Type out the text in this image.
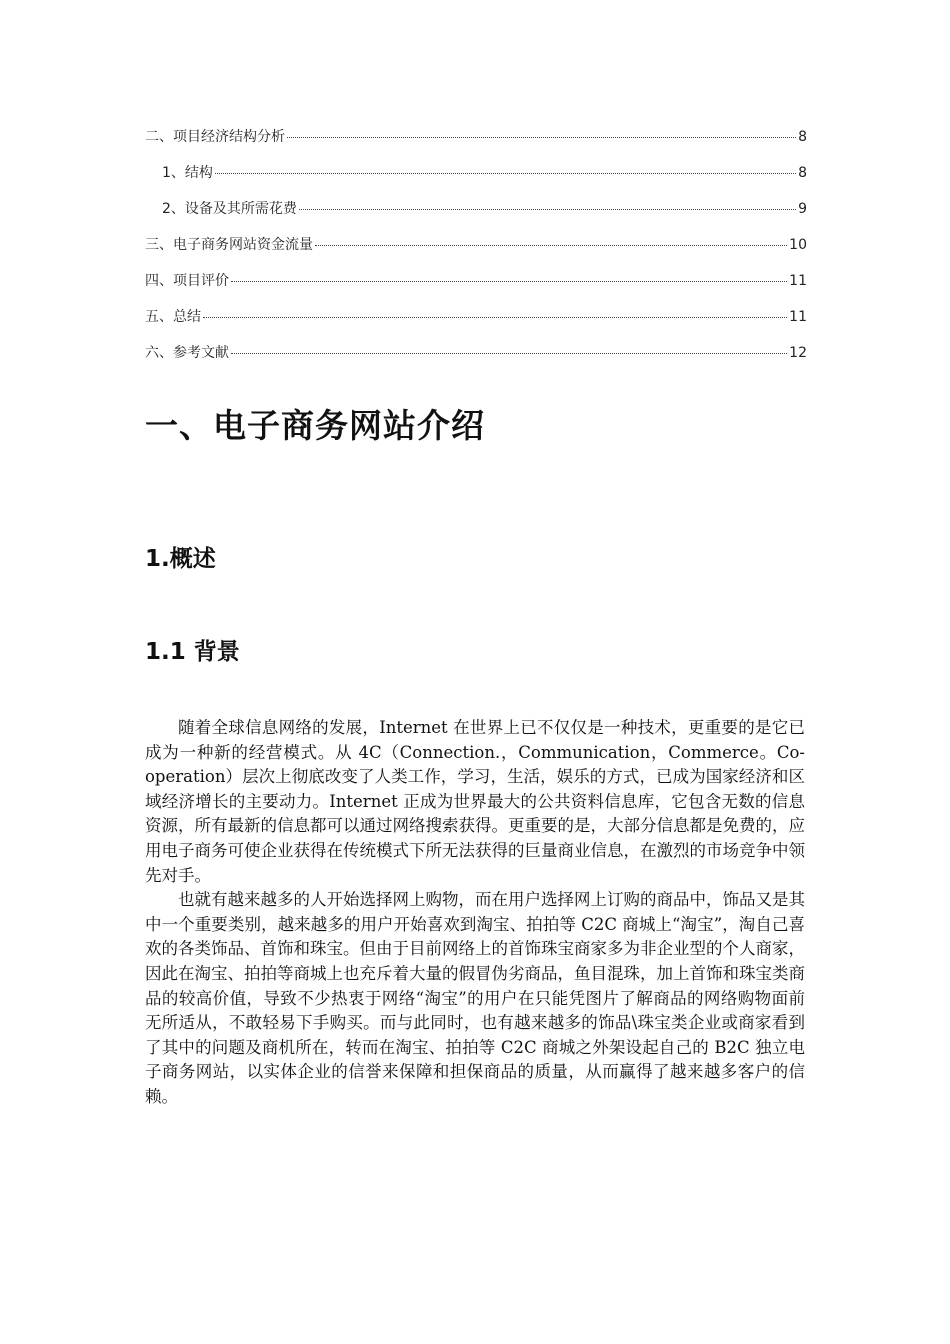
二、项目经济结构分析	8
1、结构	8
2、设备及其所需花费	9
三、电子商务网站资金流量	10
四、项目评价	11
五、总结	11
六、参考文献	12
一、电子商务网站介绍
1.概述
1.1 背景

随着全球信息网络的发展，Internet 在世界上已不仅仅是一种技术，更重要的是它已成为一种新的经营模式。从 4C（Connection.，Communication，Commerce。Co-operation）层次上彻底改变了人类工作，学习，生活，娱乐的方式，已成为国家经济和区域经济增长的主要动力。Internet 正成为世界最大的公共资料信息库，它包含无数的信息资源，所有最新的信息都可以通过网络搜索获得。更重要的是，大部分信息都是免费的，应用电子商务可使企业获得在传统模式下所无法获得的巨量商业信息，在激烈的市场竞争中领先对手。

也就有越来越多的人开始选择网上购物，而在用户选择网上订购的商品中，饰品又是其中一个重要类别，越来越多的用户开始喜欢到淘宝、拍拍等 C2C 商城上“淘宝”，淘自己喜欢的各类饰品、首饰和珠宝。但由于目前网络上的首饰珠宝商家多为非企业型的个人商家，因此在淘宝、拍拍等商城上也充斥着大量的假冒伪劣商品，鱼目混珠，加上首饰和珠宝类商品的较高价值，导致不少热衷于网络“淘宝”的用户在只能凭图片了解商品的网络购物面前无所适从，不敢轻易下手购买。而与此同时，也有越来越多的饰品\珠宝类企业或商家看到了其中的问题及商机所在，转而在淘宝、拍拍等 C2C 商城之外架设起自己的 B2C 独立电子商务网站，以实体企业的信誉来保障和担保商品的质量，从而赢得了越来越多客户的信赖。
